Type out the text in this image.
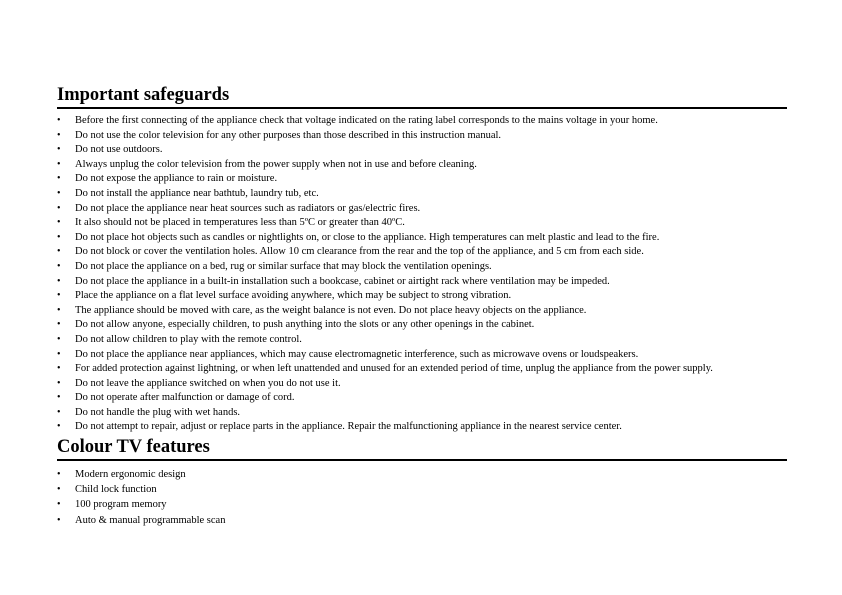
Important safeguards
• Before the first connecting of the appliance check that voltage indicated on the rating label corresponds to the mains voltage in your home.
• Do not use the color television for any other purposes than those described in this instruction manual.
• Do not use outdoors.
• Always unplug the color television from the power supply when not in use and before cleaning.
• Do not expose the appliance to rain or moisture.
• Do not install the appliance near bathtub, laundry tub, etc.
• Do not place the appliance near heat sources such as radiators or gas/electric fires.
• It also should not be placed in temperatures less than 5ºC or greater than 40ºC.
• Do not place hot objects such as candles or nightlights on, or close to the appliance. High temperatures can melt plastic and lead to the fire.
• Do not block or cover the ventilation holes. Allow 10 cm clearance from the rear and the top of the appliance, and 5 cm from each side.
• Do not place the appliance on a bed, rug or similar surface that may block the ventilation openings.
• Do not place the appliance in a built-in installation such a bookcase, cabinet or airtight rack where ventilation may be impeded.
• Place the appliance on a flat level surface avoiding anywhere, which may be subject to strong vibration.
• The appliance should be moved with care, as the weight balance is not even. Do not place heavy objects on the appliance.
• Do not allow anyone, especially children, to push anything into the slots or any other openings in the cabinet.
• Do not allow children to play with the remote control.
• Do not place the appliance near appliances, which may cause electromagnetic interference, such as microwave ovens or loudspeakers.
• For added protection against lightning, or when left unattended and unused for an extended period of time, unplug the appliance from the power supply.
• Do not leave the appliance switched on when you do not use it.
• Do not operate after malfunction or damage of cord.
• Do not handle the plug with wet hands.
• Do not attempt to repair, adjust or replace parts in the appliance. Repair the malfunctioning appliance in the nearest service center.
Colour TV features
• Modern ergonomic design
• Child lock function
• 100 program memory
• Auto & manual programmable scan
